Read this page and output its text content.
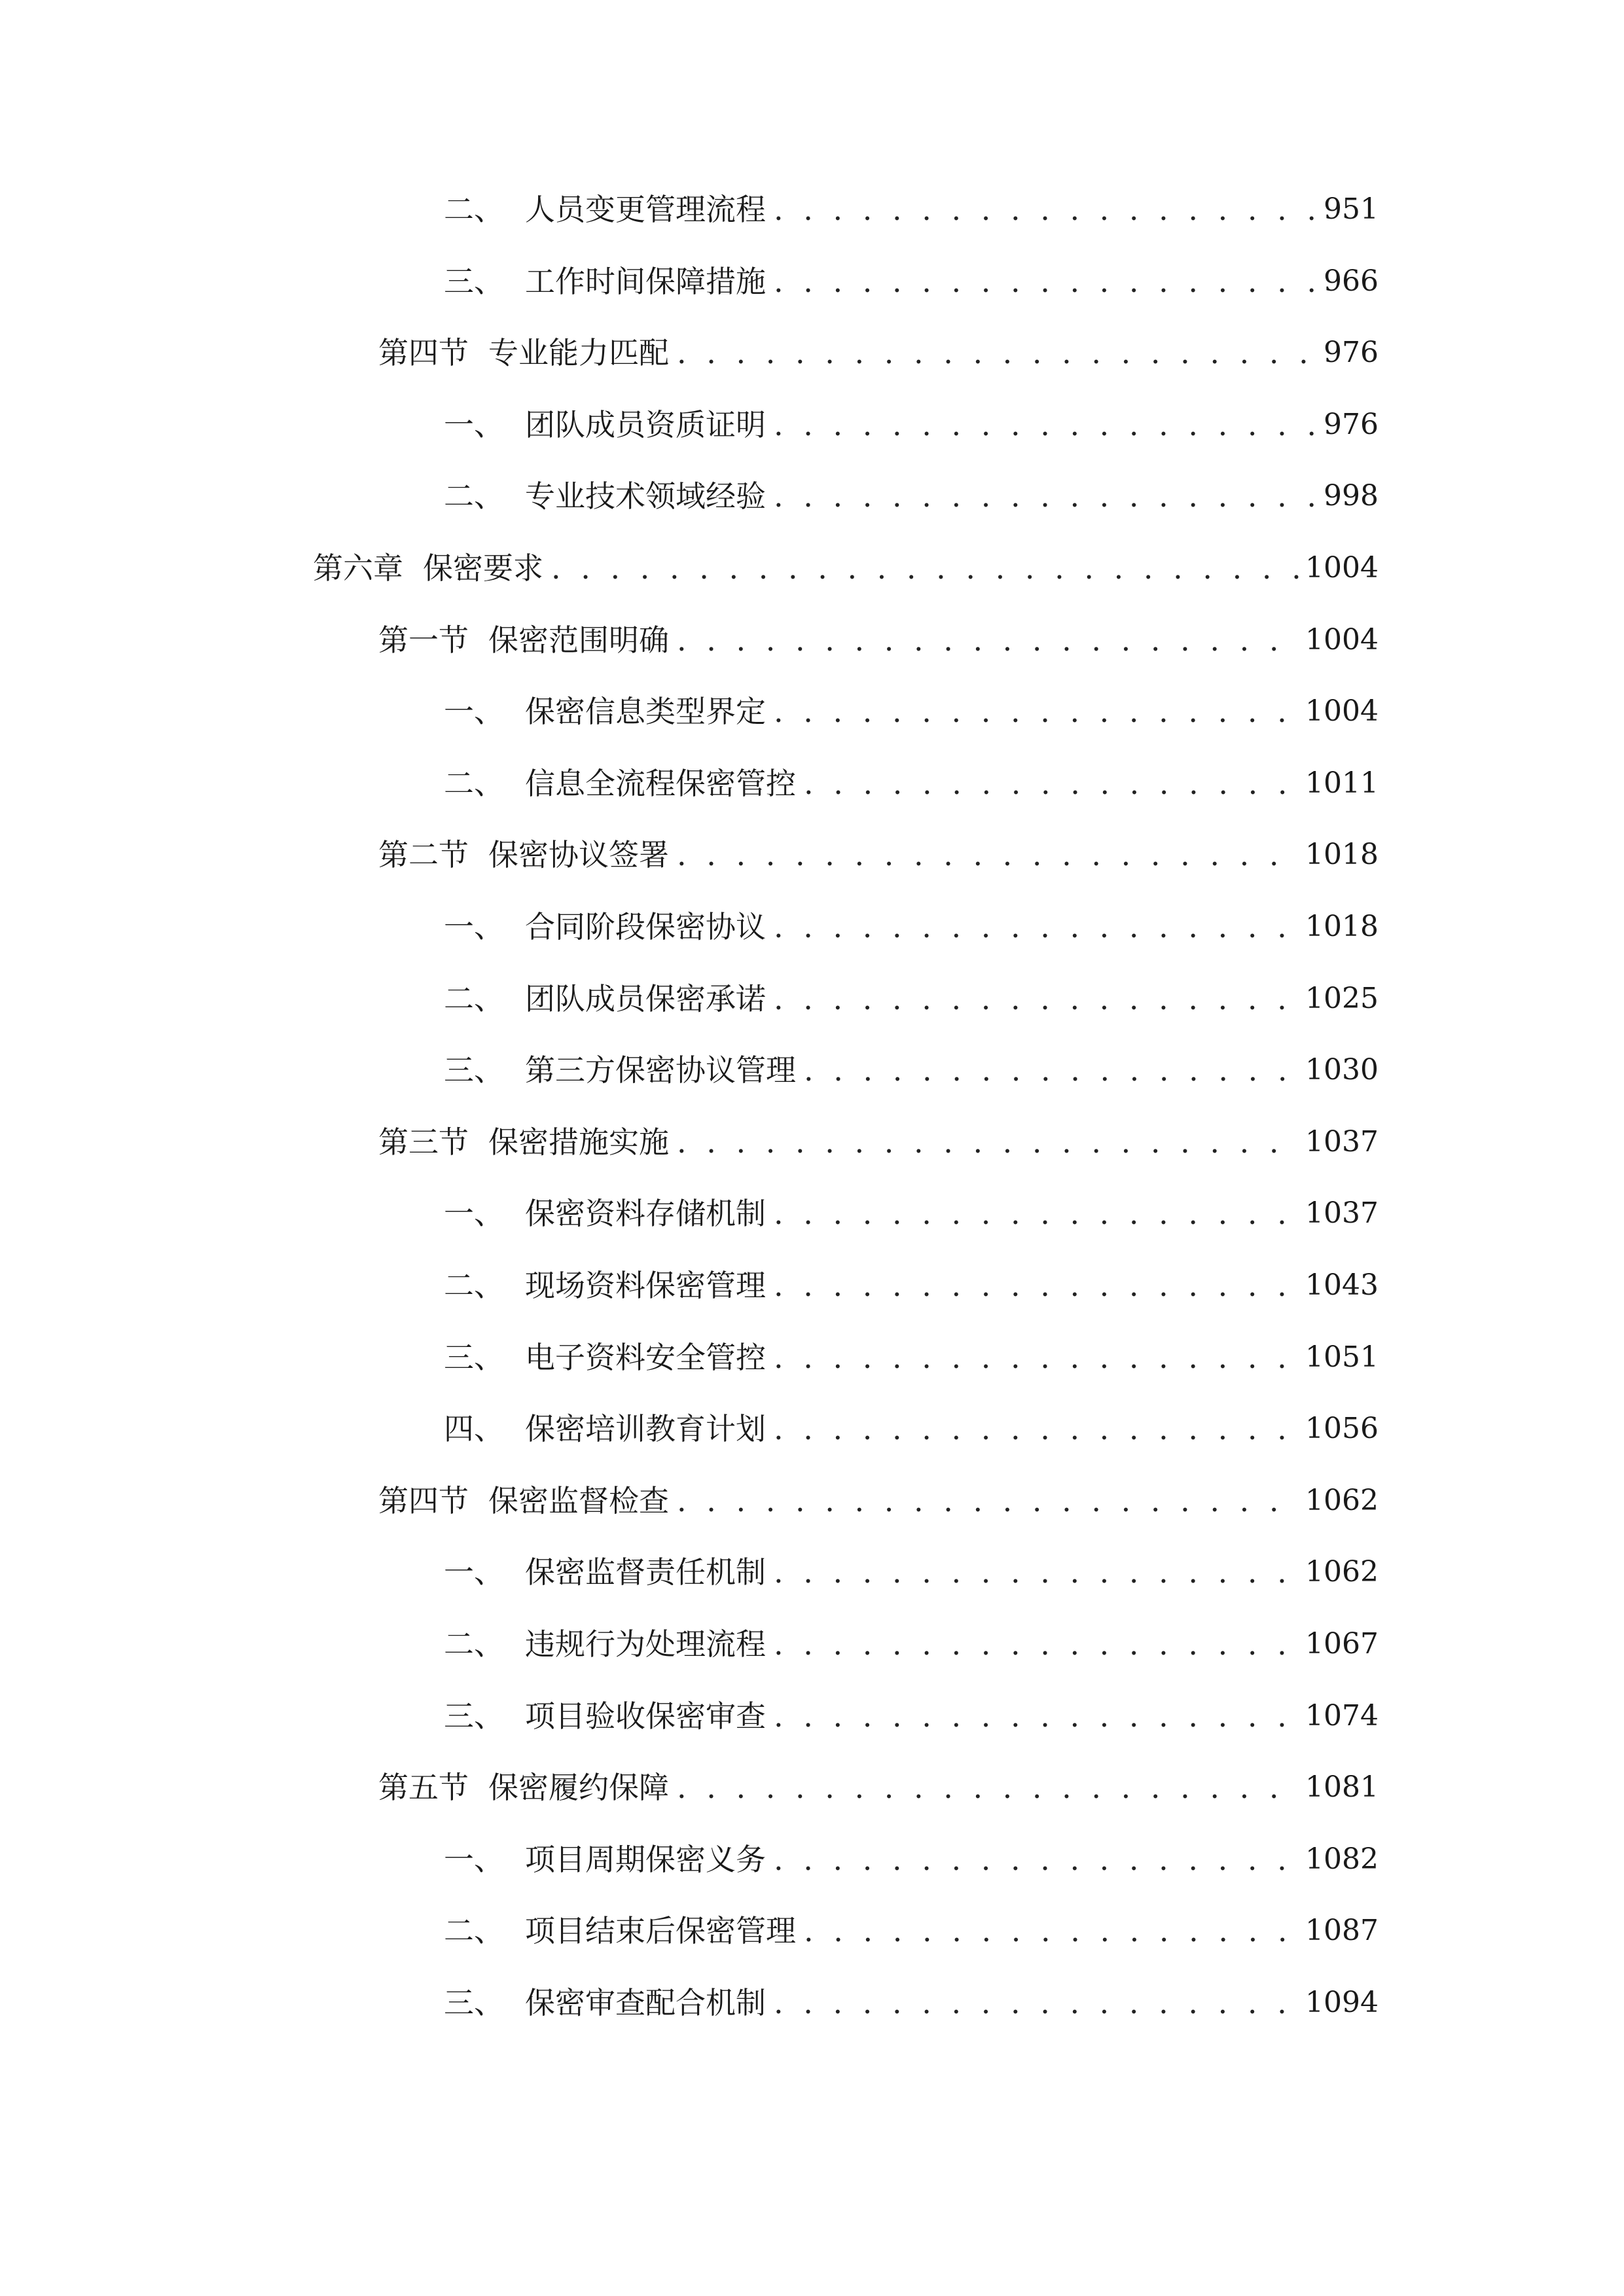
二、 人员变更管理流程 . . .	951
三、 工作时间保障措施 . . .	966
第四节 专业能力匹配 . . .	976
一、 团队成员资质证明 . . .	976
二、 专业技术领域经验 . . .	998
第六章 保密要求 . . .	1004
第一节 保密范围明确 . . .	1004
一、 保密信息类型界定 . . .	1004
二、 信息全流程保密管控 . . .	1011
第二节 保密协议签署 . . .	1018
一、 合同阶段保密协议 . . .	1018
二、 团队成员保密承诺 . . .	1025
三、 第三方保密协议管理 . . .	1030
第三节 保密措施实施 . . .	1037
一、 保密资料存储机制 . . .	1037
二、 现场资料保密管理 . . .	1043
三、 电子资料安全管控 . . .	1051
四、 保密培训教育计划 . . .	1056
第四节 保密监督检查 . . .	1062
一、 保密监督责任机制 . . .	1062
二、 违规行为处理流程 . . .	1067
三、 项目验收保密审查 . . .	1074
第五节 保密履约保障 . . .	1081
一、 项目周期保密义务 . . .	1082
二、 项目结束后保密管理 . . .	1087
三、 保密审查配合机制 . . .	1094
